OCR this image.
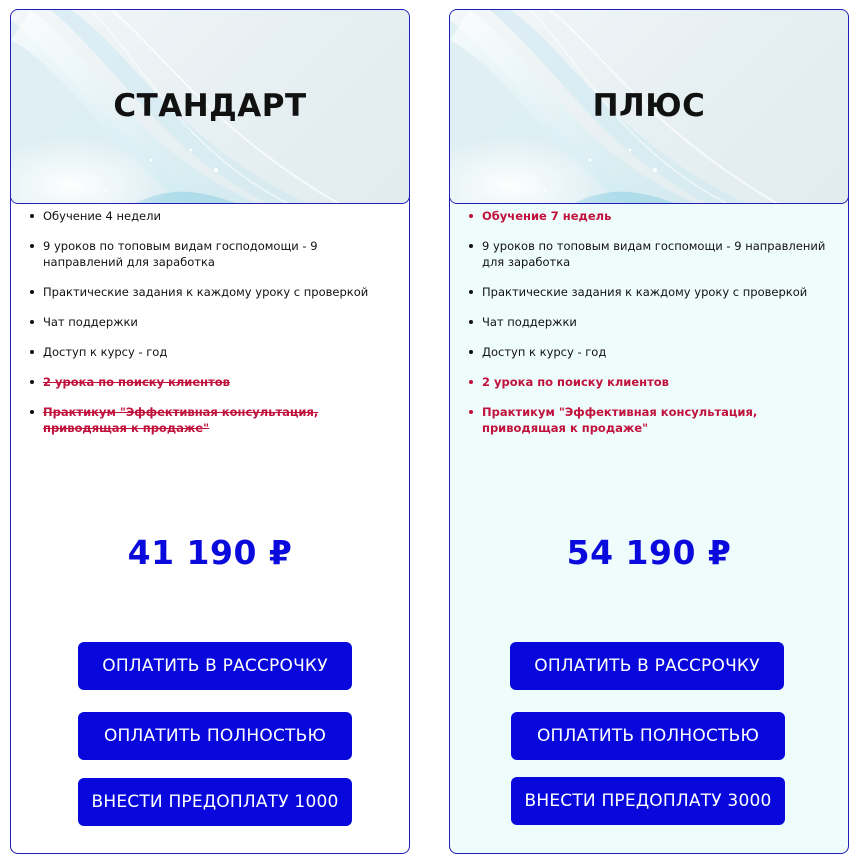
СТАНДАРТ
Обучение 4 недели
9 уроков по топовым видам господомощи - 9 направлений для заработка
Практические задания к каждому уроку с проверкой
Чат поддержки
Доступ к курсу - год
2 урока по поиску клиентов
Практикум "Эффективная консультация, приводящая к продаже"
41 190 ₽
ОПЛАТИТЬ В РАССРОЧКУ
ОПЛАТИТЬ ПОЛНОСТЬЮ
ВНЕСТИ ПРЕДОПЛАТУ 1000
ПЛЮС
Обучение 7 недель
9 уроков по топовым видам госпомощи - 9 направлений для заработка
Практические задания к каждому уроку с проверкой
Чат поддержки
Доступ к курсу - год
2 урока по поиску клиентов
Практикум "Эффективная консультация, приводящая к продаже"
54 190 ₽
ОПЛАТИТЬ В РАССРОЧКУ
ОПЛАТИТЬ ПОЛНОСТЬЮ
ВНЕСТИ ПРЕДОПЛАТУ 3000
